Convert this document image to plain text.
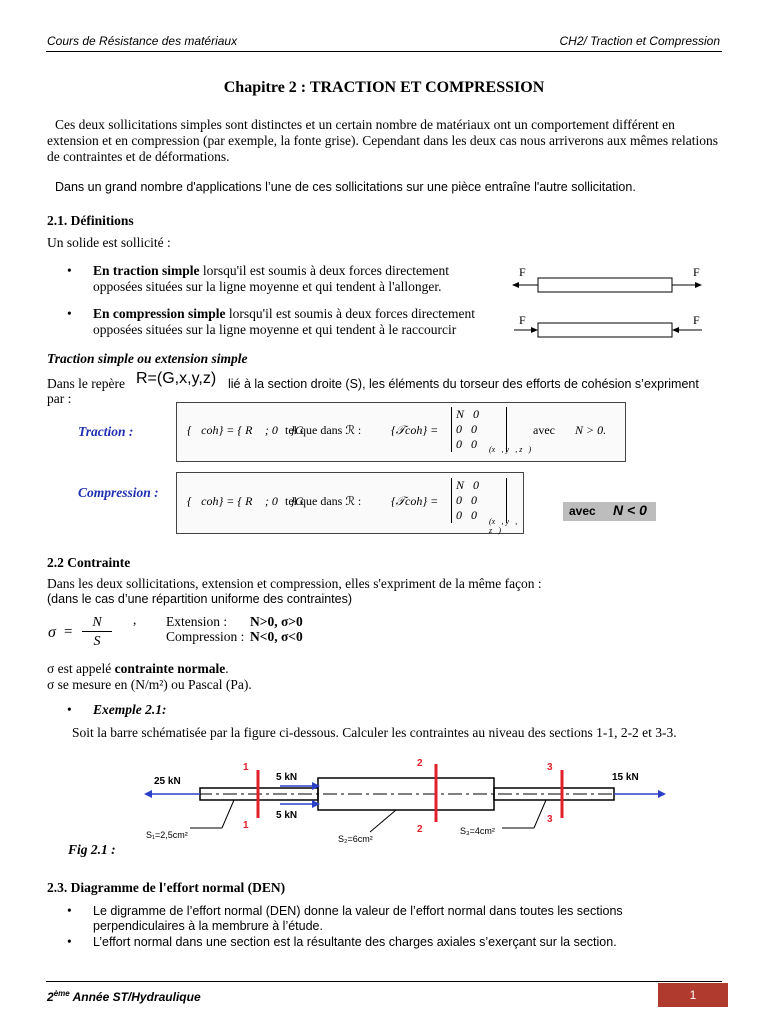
Cours de Résistance des matériaux	CH2/ Traction et Compression
Chapitre 2 : TRACTION ET COMPRESSION

Ces deux sollicitations simples sont distinctes et un certain nombre de matériaux ont un comportement différent en extension et en compression (par exemple, la fonte grise). Cependant dans les deux cas nous arriverons aux mêmes relations de contraintes et de déformations.

Dans un grand nombre d'applications l’une de ces sollicitations sur une pièce entraîne l'autre sollicitation.

2.1. Définitions
Un solide est sollicité :
• En traction simple lorsqu'il est soumis à deux forces directement
opposées situées sur la ligne moyenne et qui tendent à l'allonger.
• En compression simple lorsqu'il est soumis à deux forces directement
opposées situées sur la ligne moyenne et qui tendent à le raccourcir
F	F
F	F
Traction simple ou extension simple
Dans le repère R=(G,x,y,z) lié à la section droite (S), les éléments du torseur des efforts de cohésion s’expriment
par :
Traction :	{𝒯coh} = { R⃗ ; 0⃗ }G
tel que dans ℛ : {𝒯coh} =
N 0
0 0
0 0	(x⃗, y⃗, z⃗)
avec N > 0.
Compression :
{𝒯coh} = { R⃗ ; 0⃗ }G
tel que dans ℛ : {𝒯coh} =
N 0
0 0
0 0	(x⃗, y⃗, z⃗)
avec N < 0
2.2 Contrainte
Dans les deux sollicitations, extension et compression, elles s'expriment de la même façon :
(dans le cas d’une répartition uniforme des contraintes)
σ =
N
S
, Extension : N>0, σ>0
Compression : N<0, σ<0
σ est appelé contrainte normale.
σ se mesure en (N/m²) ou Pascal (Pa).
• Exemple 2.1:
Soit la barre schématisée par la figure ci-dessous. Calculer les contraintes au niveau des sections 1-1, 2-2 et 3-3.
25 kN	15 kN
5 kN
5 kN
1
1
2
2
3
3
S₁=2,5cm²	S₂=6cm²
S₃=4cm²
Fig 2.1 :
2.3. Diagramme de l'effort normal (DEN)
• Le digramme de l’effort normal (DEN) donne la valeur de l’effort normal dans toutes les sections
perpendiculaires à la membrure à l’étude.
• L’effort normal dans une section est la résultante des charges axiales s’exerçant sur la section.
2ème Année ST/Hydraulique	1
